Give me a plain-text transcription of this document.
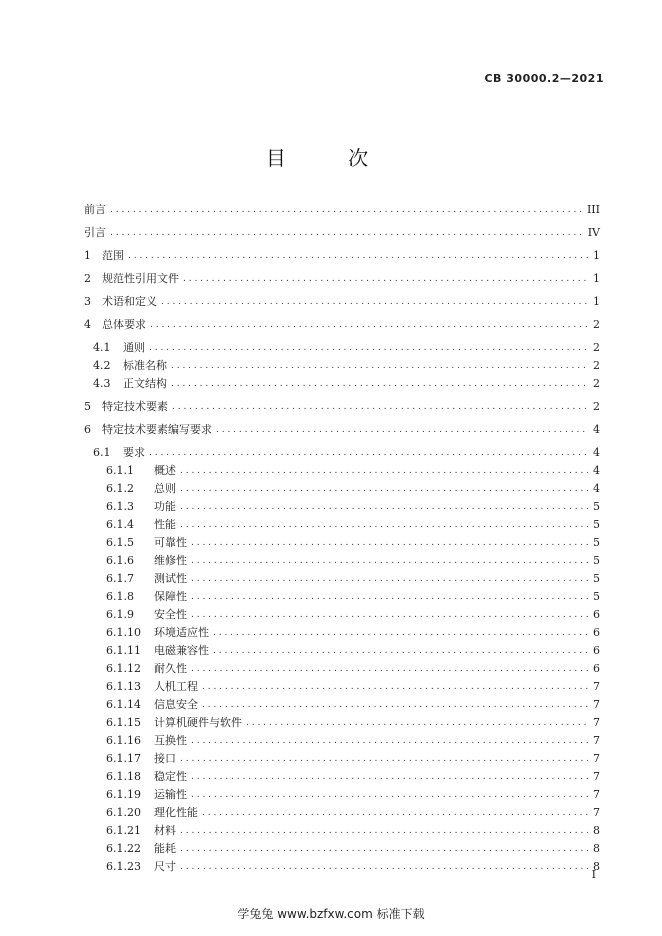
CB 30000.2—2021
目 次
前言 . . .	III
引言 . . .	IV
1	范围 . . .	1
2	规范性引用文件 . . .	1
3	术语和定义 . . .	1
4	总体要求 . . .	2
4.1	通则 . . .	2
4.2	标准名称 . . .	2
4.3	正文结构 . . .	2
5	特定技术要素 . . .	2
6	特定技术要素编写要求 . . .	4
6.1	要求 . . .	4
6.1.1	概述 . . .	4
6.1.2	总则 . . .	4
6.1.3	功能 . . .	5
6.1.4	性能 . . .	5
6.1.5	可靠性 . . .	5
6.1.6	维修性 . . .	5
6.1.7	测试性 . . .	5
6.1.8	保障性 . . .	5
6.1.9	安全性 . . .	6
6.1.10	环境适应性 . . .	6
6.1.11	电磁兼容性 . . .	6
6.1.12	耐久性 . . .	6
6.1.13	人机工程 . . .	7
6.1.14	信息安全 . . .	7
6.1.15	计算机硬件与软件 . . .	7
6.1.16	互换性 . . .	7
6.1.17	接口 . . .	7
6.1.18	稳定性 . . .	7
6.1.19	运输性 . . .	7
6.1.20	理化性能 . . .	7
6.1.21	材料 . . .	8
6.1.22	能耗 . . .	8
6.1.23	尺寸 . . .	8
I
学兔兔 www.bzfxw.com 标准下载
